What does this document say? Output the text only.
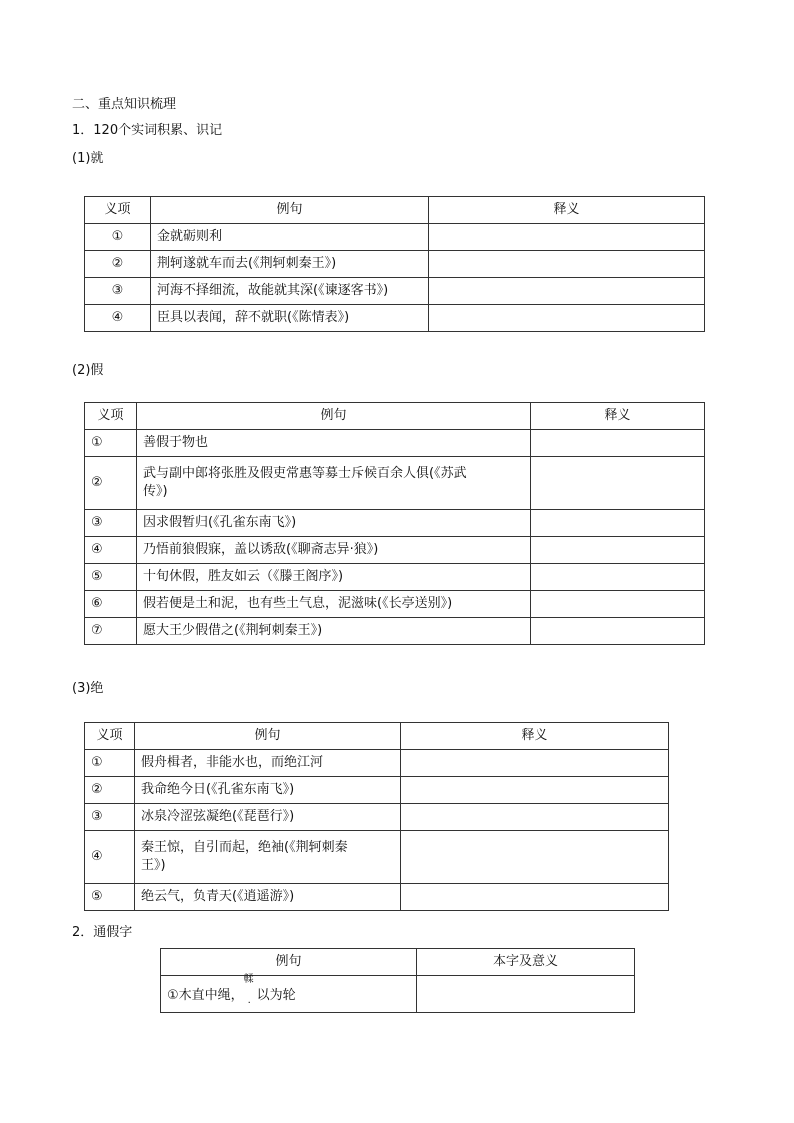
二、重点知识梳理
1．120个实词积累、识记
(1)就
义项	例句	释义
①	金就砺则利	
②	荆轲遂就车而去(《荆轲刺秦王》)	
③	河海不择细流，故能就其深(《谏逐客书》)	
④	臣具以表闻，辞不就职(《陈情表》)	
(2)假
义项	例句	释义
①	善假于物也	
②	武与副中郎将张胜及假吏常惠等募士斥候百余人俱(《苏武
传》)	

③	因求假暂归(《孔雀东南飞》)	
④	乃悟前狼假寐，盖以诱敌(《聊斋志异·狼》)	
⑤	十旬休假，胜友如云（《滕王阁序》)	
⑥	假若便是土和泥，也有些土气息，泥滋味(《长亭送别》)	
⑦	愿大王少假借之(《荆轲刺秦王》)	
(3)绝
义项	例句	释义
①	假舟楫者，非能水也，而绝江河	
②	我命绝今日(《孔雀东南飞》)	
③	冰泉冷涩弦凝绝(《琵琶行》)	
④	秦王惊，自引而起，绝袖(《荆轲刺秦
王》)	

⑤	绝云气，负青天(《逍遥游》)	
2．通假字
例句	本字及意义
①木直中绳， 
輮
·
以为轮	
